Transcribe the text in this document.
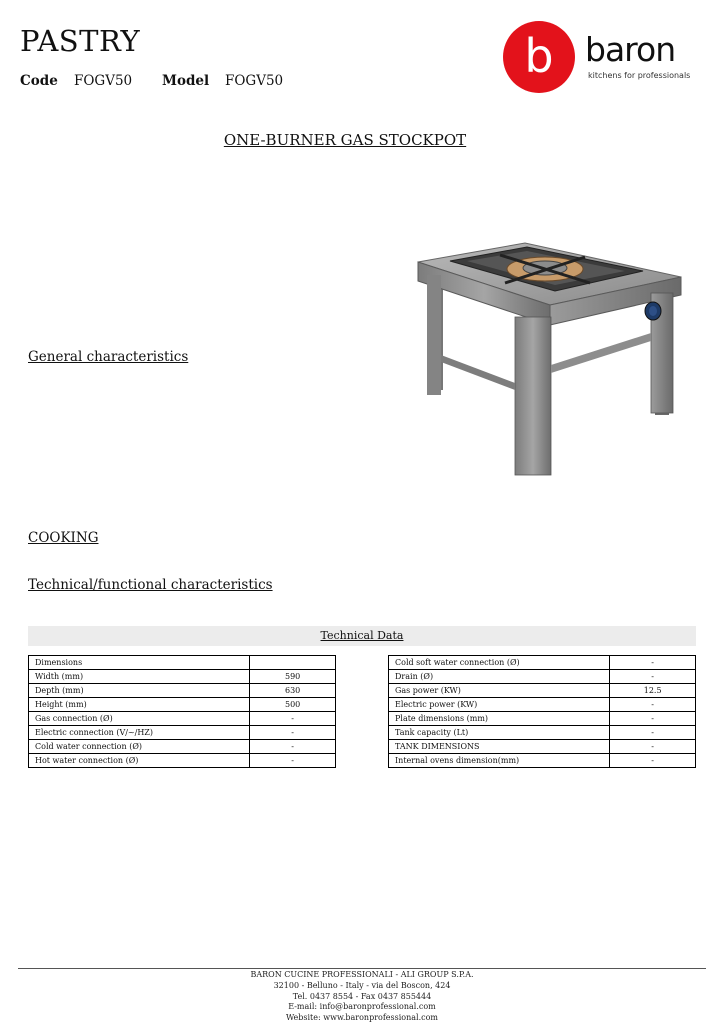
PASTRY
Code FOGV50 Model FOGV50	b baron
kitchens for professionals
ONE-BURNER GAS STOCKPOT
General characteristics
COOKING
Technical/functional characteristics
Technical Data
Dimensions	
Width (mm)	590
Depth (mm)	630
Height (mm)	500
Gas connection (Ø)	-
Electric connection (V/~/HZ)	-
Cold water connection (Ø)	-
Hot water connection (Ø)	-
Cold soft water connection (Ø)	-
Drain (Ø)	-
Gas power (KW)	12.5
Electric power (KW)	-
Plate dimensions (mm)	-
Tank capacity (Lt)	-
TANK DIMENSIONS	-
Internal ovens dimension(mm)	-
BARON CUCINE PROFESSIONALI - ALI GROUP S.P.A.
32100 - Belluno - Italy - via del Boscon, 424
Tel. 0437 8554 - Fax 0437 855444
E-mail: info@baronprofessional.com
Website: www.baronprofessional.com
